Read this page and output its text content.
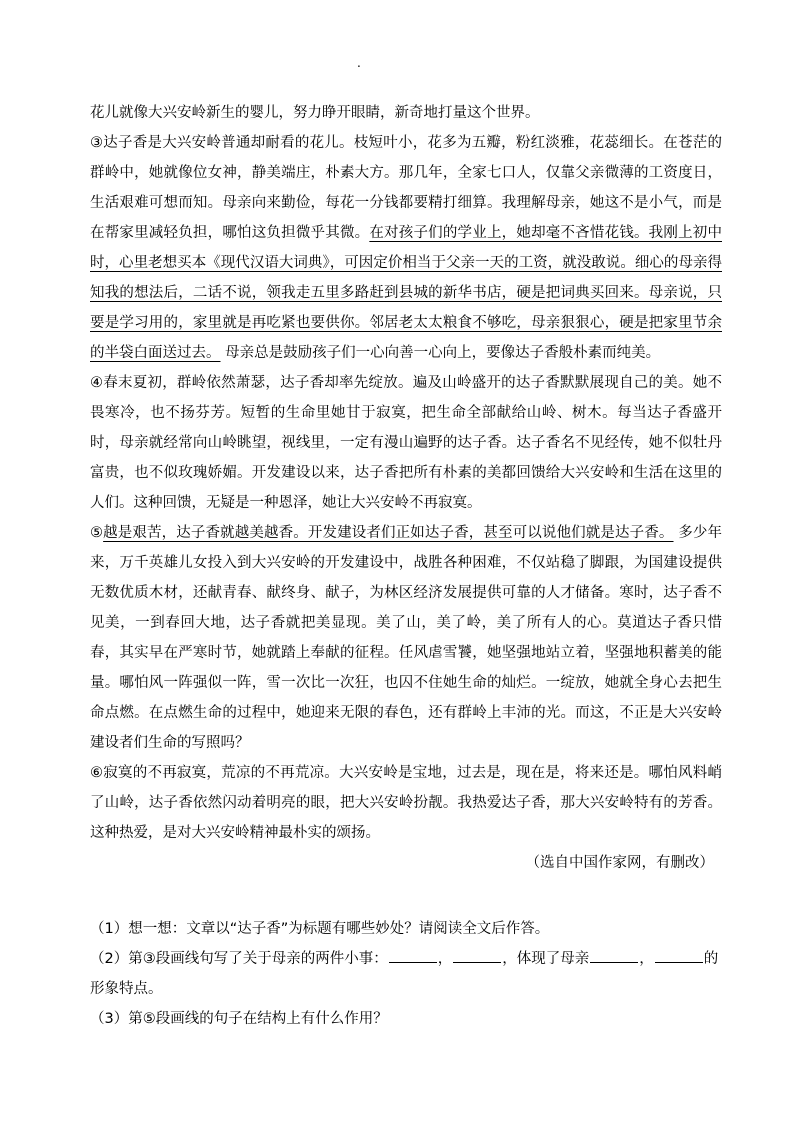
.

花儿就像大兴安岭新生的婴儿，努力睁开眼睛，新奇地打量这个世界。

③达子香是大兴安岭普通却耐看的花儿。枝短叶小，花多为五瓣，粉红淡雅，花蕊细长。在苍茫的群岭中，她就像位女神，静美端庄，朴素大方。那几年，全家七口人，仅靠父亲微薄的工资度日，生活艰难可想而知。母亲向来勤俭，每花一分钱都要精打细算。我理解母亲，她这不是小气，而是在帮家里减轻负担，哪怕这负担微乎其微。在对孩子们的学业上，她却毫不吝惜花钱。我刚上初中时，心里老想买本《现代汉语大词典》，可因定价相当于父亲一天的工资，就没敢说。细心的母亲得知我的想法后，二话不说，领我走五里多路赶到县城的新华书店，硬是把词典买回来。母亲说，只要是学习用的，家里就是再吃紧也要供你。邻居老太太粮食不够吃，母亲狠狠心，硬是把家里节余的半袋白面送过去。 母亲总是鼓励孩子们一心向善一心向上，要像达子香般朴素而纯美。

④春末夏初，群岭依然萧瑟，达子香却率先绽放。遍及山岭盛开的达子香默默展现自己的美。她不畏寒冷，也不扬芬芳。短暂的生命里她甘于寂寞，把生命全部献给山岭、树木。每当达子香盛开时，母亲就经常向山岭眺望，视线里，一定有漫山遍野的达子香。达子香名不见经传，她不似牡丹富贵，也不似玫瑰娇媚。开发建设以来，达子香把所有朴素的美都回馈给大兴安岭和生活在这里的人们。这种回馈，无疑是一种恩泽，她让大兴安岭不再寂寞。

⑤越是艰苦，达子香就越美越香。开发建设者们正如达子香，甚至可以说他们就是达子香。 多少年来，万千英雄儿女投入到大兴安岭的开发建设中，战胜各种困难，不仅站稳了脚跟，为国建设提供无数优质木材，还献青春、献终身、献子，为林区经济发展提供可靠的人才储备。寒时，达子香不见美，一到春回大地，达子香就把美显现。美了山，美了岭，美了所有人的心。莫道达子香只惜春，其实早在严寒时节，她就踏上奉献的征程。任风虐雪饕，她坚强地站立着，坚强地积蓄美的能量。哪怕风一阵强似一阵，雪一次比一次狂，也囚不住她生命的灿烂。一绽放，她就全身心去把生命点燃。在点燃生命的过程中，她迎来无限的春色，还有群岭上丰沛的光。而这，不正是大兴安岭建设者们生命的写照吗？

⑥寂寞的不再寂寞，荒凉的不再荒凉。大兴安岭是宝地，过去是，现在是，将来还是。哪怕风料峭了山岭，达子香依然闪动着明亮的眼，把大兴安岭扮靓。我热爱达子香，那大兴安岭特有的芳香。这种热爱，是对大兴安岭精神最朴实的颂扬。

（选自中国作家网，有删改）

（1）想一想：文章以“达子香”为标题有哪些妙处？请阅读全文后作答。

（2）第③段画线句写了关于母亲的两件小事：	，	，体现了母亲	，	的形象特点。

（3）第⑤段画线的句子在结构上有什么作用？
